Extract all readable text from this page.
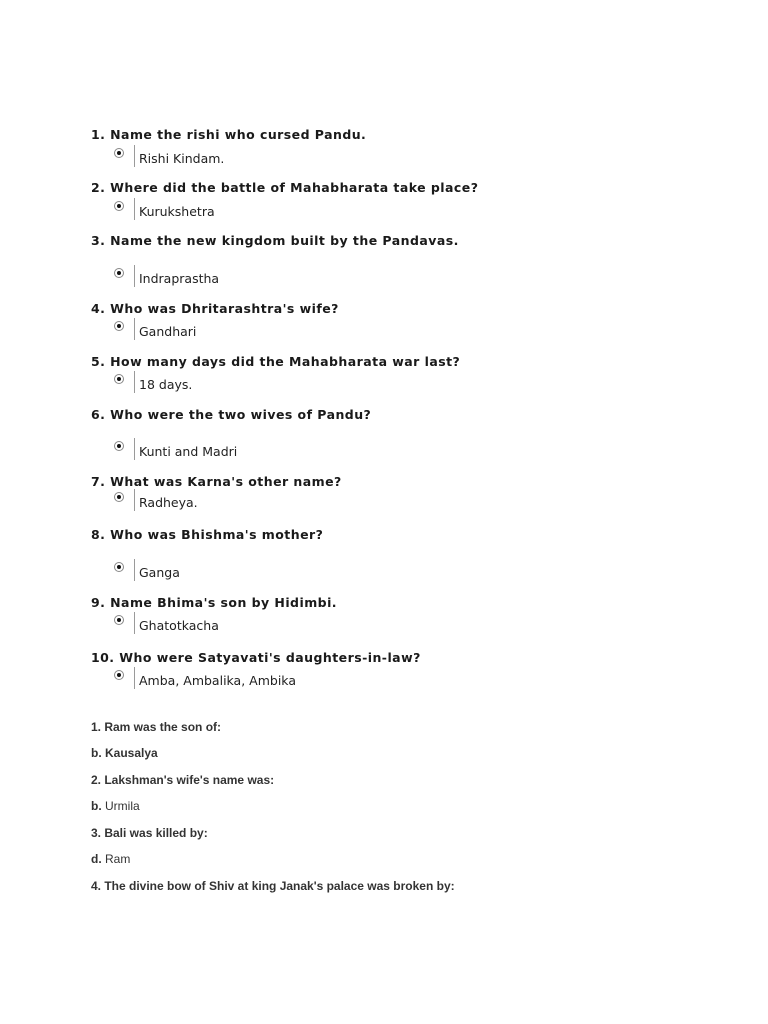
1. Name the rishi who cursed Pandu.
Rishi Kindam.
2. Where did the battle of Mahabharata take place?
Kurukshetra
3. Name the new kingdom built by the Pandavas.
Indraprastha
4. Who was Dhritarashtra's wife?
Gandhari
5. How many days did the Mahabharata war last?
18 days.
6. Who were the two wives of Pandu?
Kunti and Madri
7. What was Karna's other name?
Radheya.
8. Who was Bhishma's mother?
Ganga
9. Name Bhima's son by Hidimbi.
Ghatotkacha
10. Who were Satyavati's daughters-in-law?
Amba, Ambalika, Ambika
1. Ram was the son of:
b. Kausalya
2. Lakshman's wife's name was:
b. Urmila
3. Bali was killed by:
d. Ram
4. The divine bow of Shiv at king Janak's palace was broken by:
